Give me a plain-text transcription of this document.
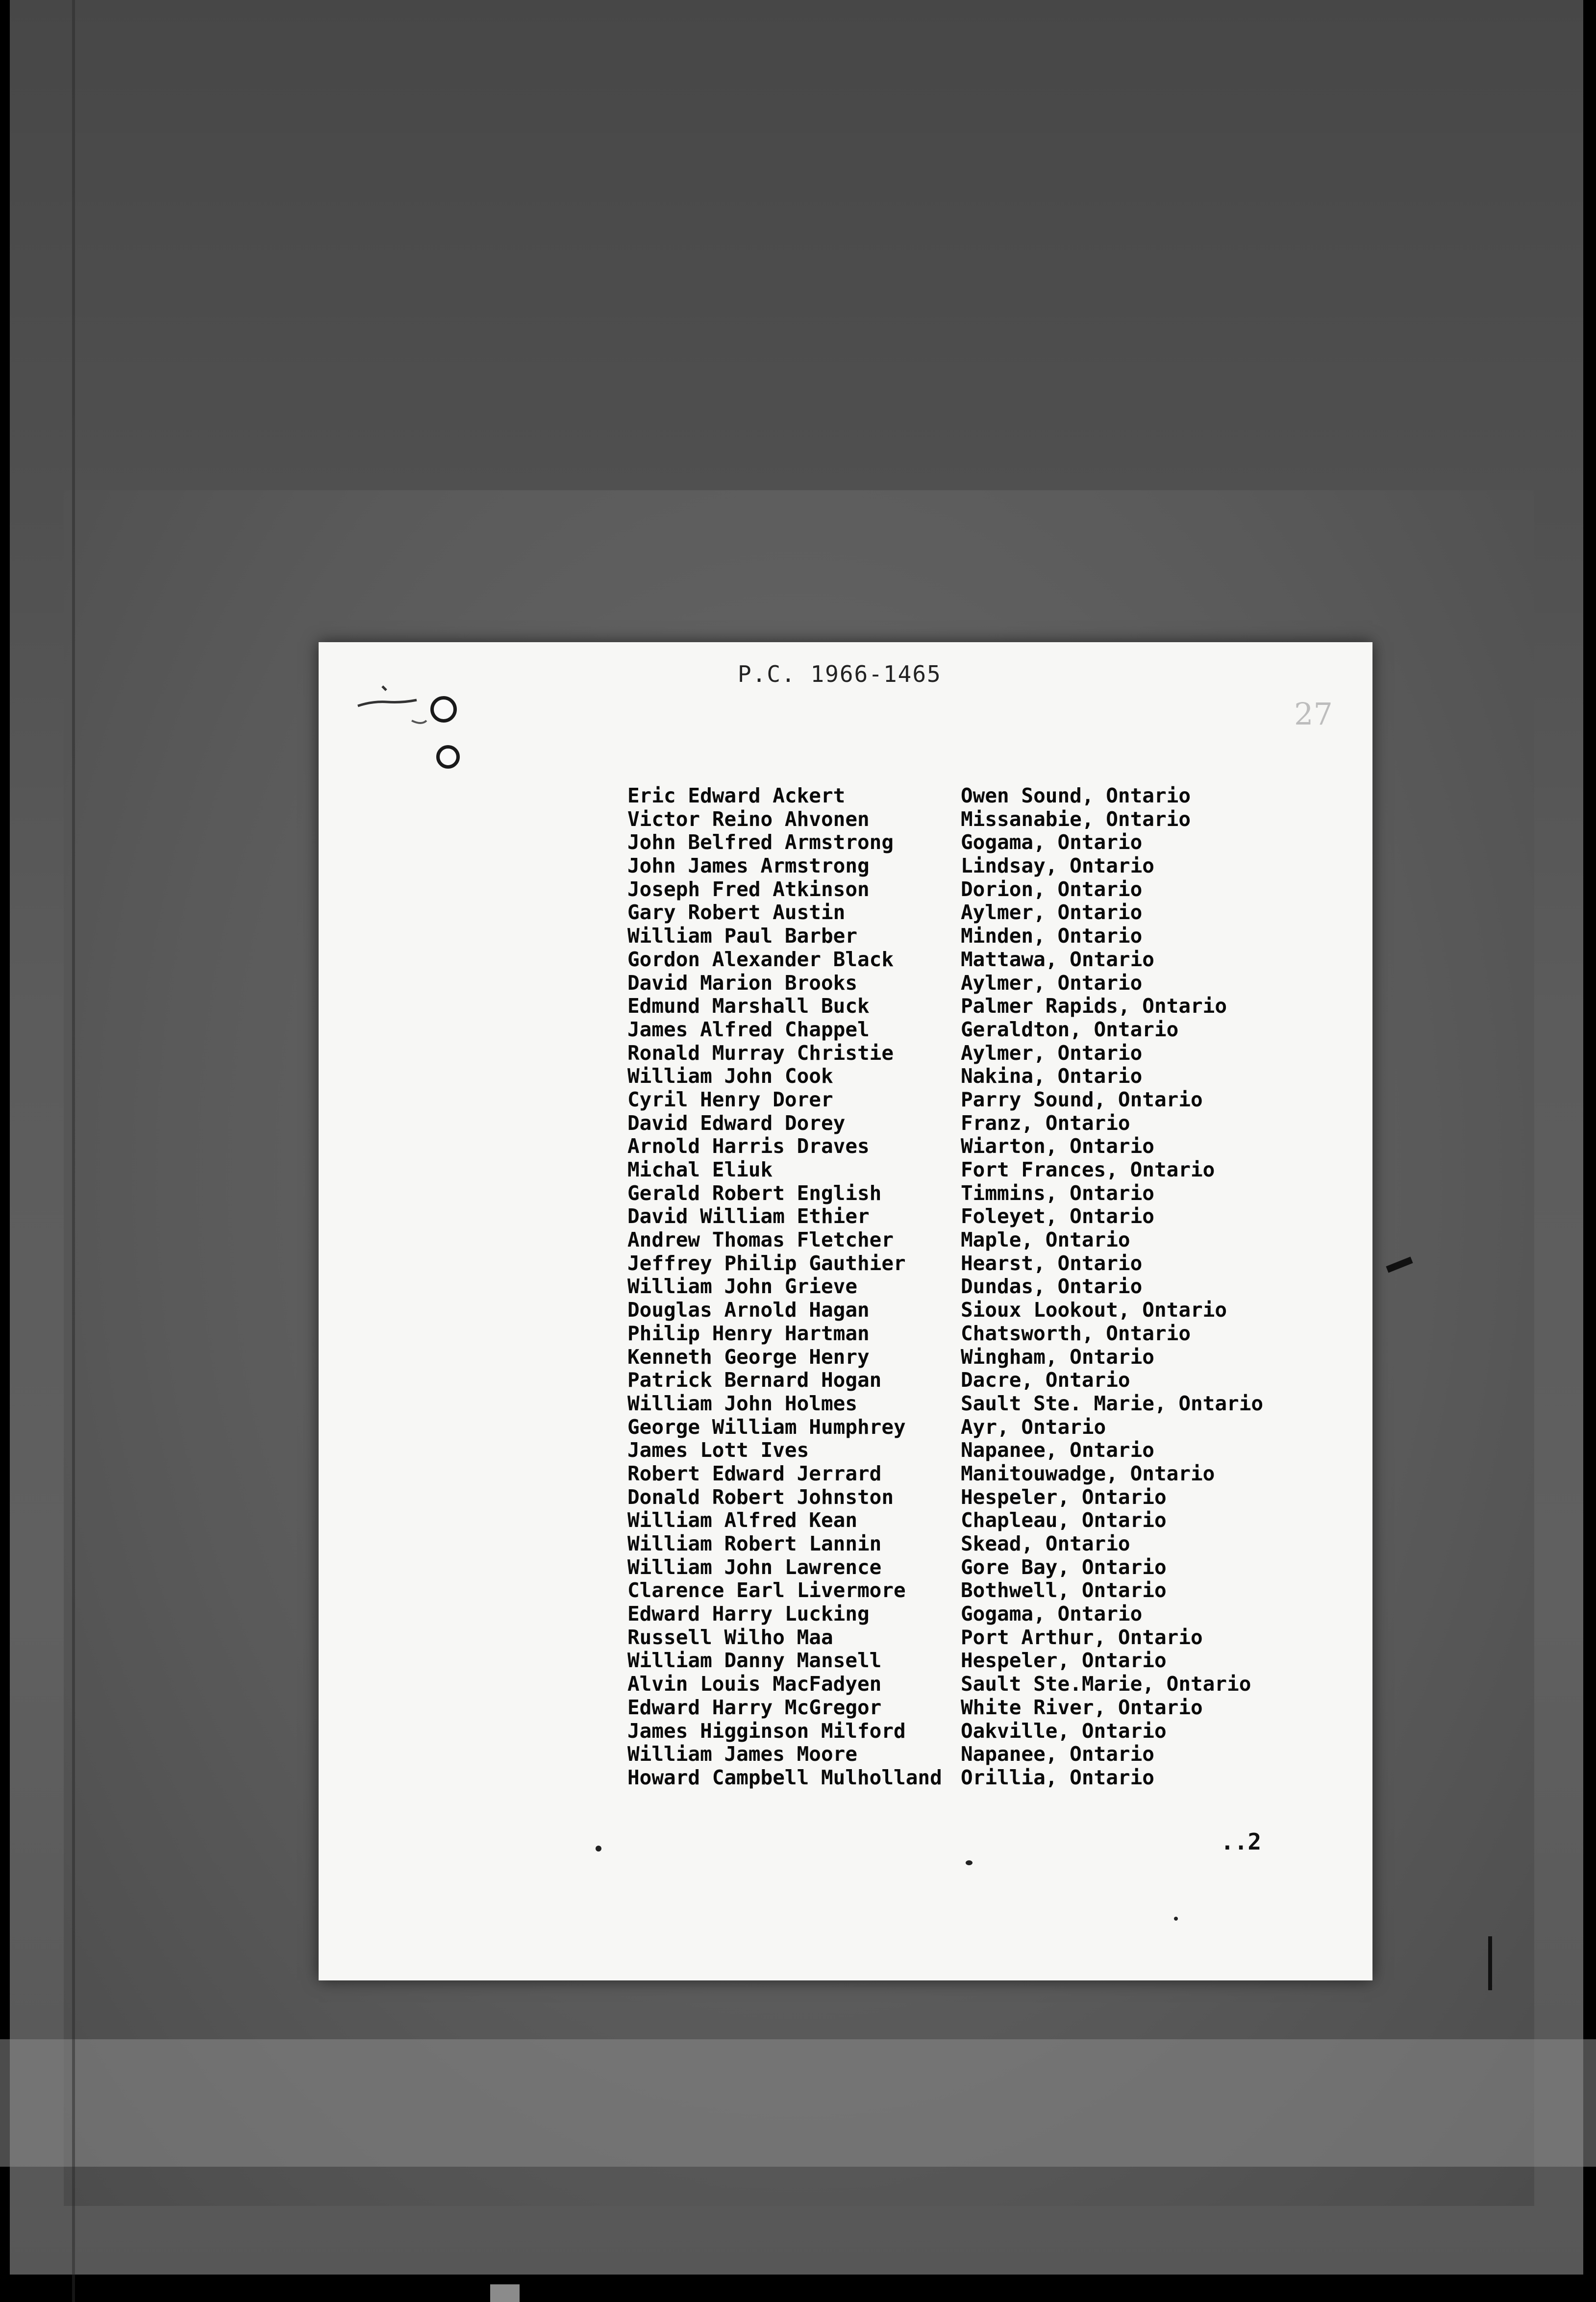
P.C. 1966-1465
27
Eric Edward Ackert	Owen Sound, Ontario
Victor Reino Ahvonen	Missanabie, Ontario
John Belfred Armstrong	Gogama, Ontario
John James Armstrong	Lindsay, Ontario
Joseph Fred Atkinson	Dorion, Ontario
Gary Robert Austin	Aylmer, Ontario
William Paul Barber	Minden, Ontario
Gordon Alexander Black	Mattawa, Ontario
David Marion Brooks	Aylmer, Ontario
Edmund Marshall Buck	Palmer Rapids, Ontario
James Alfred Chappel	Geraldton, Ontario
Ronald Murray Christie	Aylmer, Ontario
William John Cook	Nakina, Ontario
Cyril Henry Dorer	Parry Sound, Ontario
David Edward Dorey	Franz, Ontario
Arnold Harris Draves	Wiarton, Ontario
Michal Eliuk	Fort Frances, Ontario
Gerald Robert English	Timmins, Ontario
David William Ethier	Foleyet, Ontario
Andrew Thomas Fletcher	Maple, Ontario
Jeffrey Philip Gauthier	Hearst, Ontario
William John Grieve	Dundas, Ontario
Douglas Arnold Hagan	Sioux Lookout, Ontario
Philip Henry Hartman	Chatsworth, Ontario
Kenneth George Henry	Wingham, Ontario
Patrick Bernard Hogan	Dacre, Ontario
William John Holmes	Sault Ste. Marie, Ontario
George William Humphrey	Ayr, Ontario
James Lott Ives	Napanee, Ontario
Robert Edward Jerrard	Manitouwadge, Ontario
Donald Robert Johnston	Hespeler, Ontario
William Alfred Kean	Chapleau, Ontario
William Robert Lannin	Skead, Ontario
William John Lawrence	Gore Bay, Ontario
Clarence Earl Livermore	Bothwell, Ontario
Edward Harry Lucking	Gogama, Ontario
Russell Wilho Maa	Port Arthur, Ontario
William Danny Mansell	Hespeler, Ontario
Alvin Louis MacFadyen	Sault Ste.Marie, Ontario
Edward Harry McGregor	White River, Ontario
James Higginson Milford	Oakville, Ontario
William James Moore	Napanee, Ontario
Howard Campbell Mulholland Orillia, Ontario
..2
